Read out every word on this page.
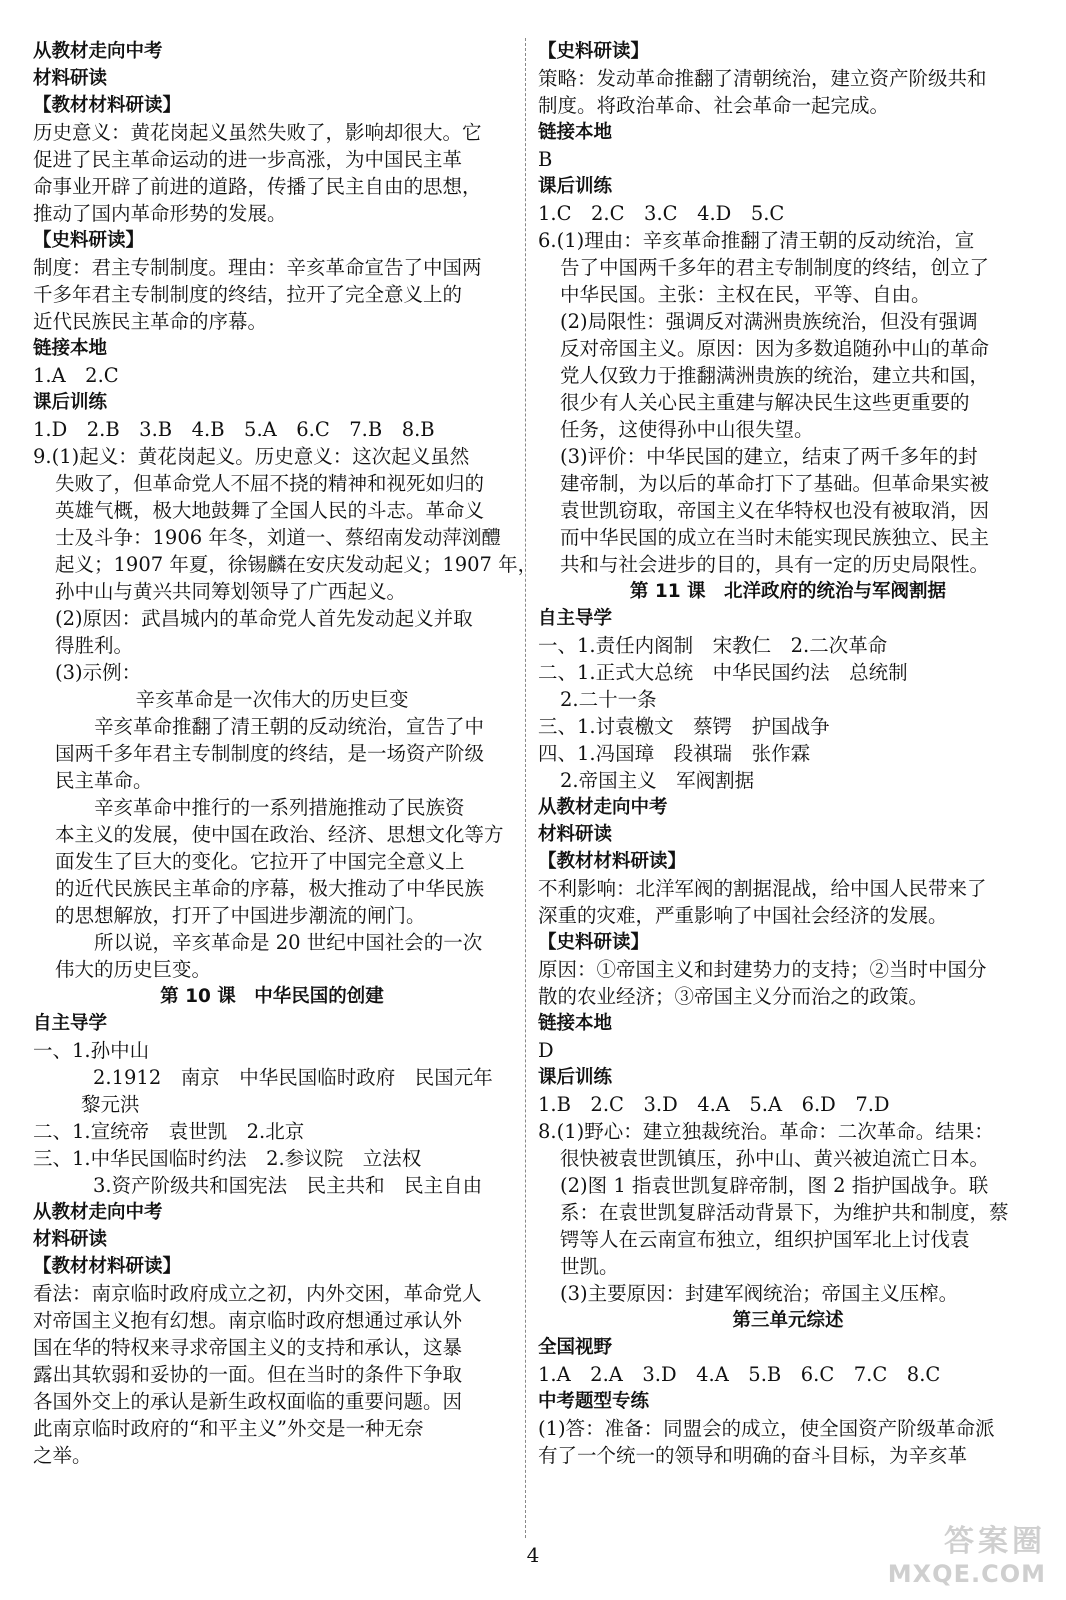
从教材走向中考
材料研读
【教材材料研读】
历史意义：黄花岗起义虽然失败了，影响却很大。它
促进了民主革命运动的进一步高涨，为中国民主革
命事业开辟了前进的道路，传播了民主自由的思想，
推动了国内革命形势的发展。
【史料研读】
制度：君主专制制度。理由：辛亥革命宣告了中国两
千多年君主专制制度的终结，拉开了完全意义上的
近代民族民主革命的序幕。
链接本地
1.A　2.C
课后训练
1.D　2.B　3.B　4.B　5.A　6.C　7.B　8.B
9.(1)起义：黄花岗起义。历史意义：这次起义虽然
失败了，但革命党人不屈不挠的精神和视死如归的
英雄气概，极大地鼓舞了全国人民的斗志。革命义
士及斗争：1906 年冬，刘道一、蔡绍南发动萍浏醴
起义；1907 年夏，徐锡麟在安庆发动起义；1907 年，
孙中山与黄兴共同筹划领导了广西起义。
(2)原因：武昌城内的革命党人首先发动起义并取
得胜利。
(3)示例：
辛亥革命是一次伟大的历史巨变
　　辛亥革命推翻了清王朝的反动统治，宣告了中
国两千多年君主专制制度的终结，是一场资产阶级
民主革命。
　　辛亥革命中推行的一系列措施推动了民族资
本主义的发展，使中国在政治、经济、思想文化等方
面发生了巨大的变化。它拉开了中国完全意义上
的近代民族民主革命的序幕，极大推动了中华民族
的思想解放，打开了中国进步潮流的闸门。
　　所以说，辛亥革命是 20 世纪中国社会的一次
伟大的历史巨变。
第 10 课　中华民国的创建
自主导学
一、1.孙中山
2.1912　南京　中华民国临时政府　民国元年
黎元洪
二、1.宣统帝　袁世凯　2.北京
三、1.中华民国临时约法　2.参议院　立法权
3.资产阶级共和国宪法　民主共和　民主自由
从教材走向中考
材料研读
【教材材料研读】
看法：南京临时政府成立之初，内外交困，革命党人
对帝国主义抱有幻想。南京临时政府想通过承认外
国在华的特权来寻求帝国主义的支持和承认，这暴
露出其软弱和妥协的一面。但在当时的条件下争取
各国外交上的承认是新生政权面临的重要问题。因
此南京临时政府的“和平主义”外交是一种无奈
之举。
【史料研读】
策略：发动革命推翻了清朝统治，建立资产阶级共和
制度。将政治革命、社会革命一起完成。
链接本地
B
课后训练
1.C　2.C　3.C　4.D　5.C
6.(1)理由：辛亥革命推翻了清王朝的反动统治，宣
告了中国两千多年的君主专制制度的终结，创立了
中华民国。主张：主权在民，平等、自由。
(2)局限性：强调反对满洲贵族统治，但没有强调
反对帝国主义。原因：因为多数追随孙中山的革命
党人仅致力于推翻满洲贵族的统治，建立共和国，
很少有人关心民主重建与解决民生这些更重要的
任务，这使得孙中山很失望。
(3)评价：中华民国的建立，结束了两千多年的封
建帝制，为以后的革命打下了基础。但革命果实被
袁世凯窃取，帝国主义在华特权也没有被取消，因
而中华民国的成立在当时未能实现民族独立、民主
共和与社会进步的目的，具有一定的历史局限性。
第 11 课　北洋政府的统治与军阀割据
自主导学
一、1.责任内阁制　宋教仁　2.二次革命
二、1.正式大总统　中华民国约法　总统制
2.二十一条
三、1.讨袁檄文　蔡锷　护国战争
四、1.冯国璋　段祺瑞　张作霖
2.帝国主义　军阀割据
从教材走向中考
材料研读
【教材材料研读】
不利影响：北洋军阀的割据混战，给中国人民带来了
深重的灾难，严重影响了中国社会经济的发展。
【史料研读】
原因：①帝国主义和封建势力的支持；②当时中国分
散的农业经济；③帝国主义分而治之的政策。
链接本地
D
课后训练
1.B　2.C　3.D　4.A　5.A　6.D　7.D
8.(1)野心：建立独裁统治。革命：二次革命。结果：
很快被袁世凯镇压，孙中山、黄兴被迫流亡日本。
(2)图 1 指袁世凯复辟帝制，图 2 指护国战争。联
系：在袁世凯复辟活动背景下，为维护共和制度，蔡
锷等人在云南宣布独立，组织护国军北上讨伐袁
世凯。
(3)主要原因：封建军阀统治；帝国主义压榨。
第三单元综述
全国视野
1.A　2.A　3.D　4.A　5.B　6.C　7.C　8.C
中考题型专练
(1)答：准备：同盟会的成立，使全国资产阶级革命派
有了一个统一的领导和明确的奋斗目标，为辛亥革
4	答案圈
MXQE.COM
